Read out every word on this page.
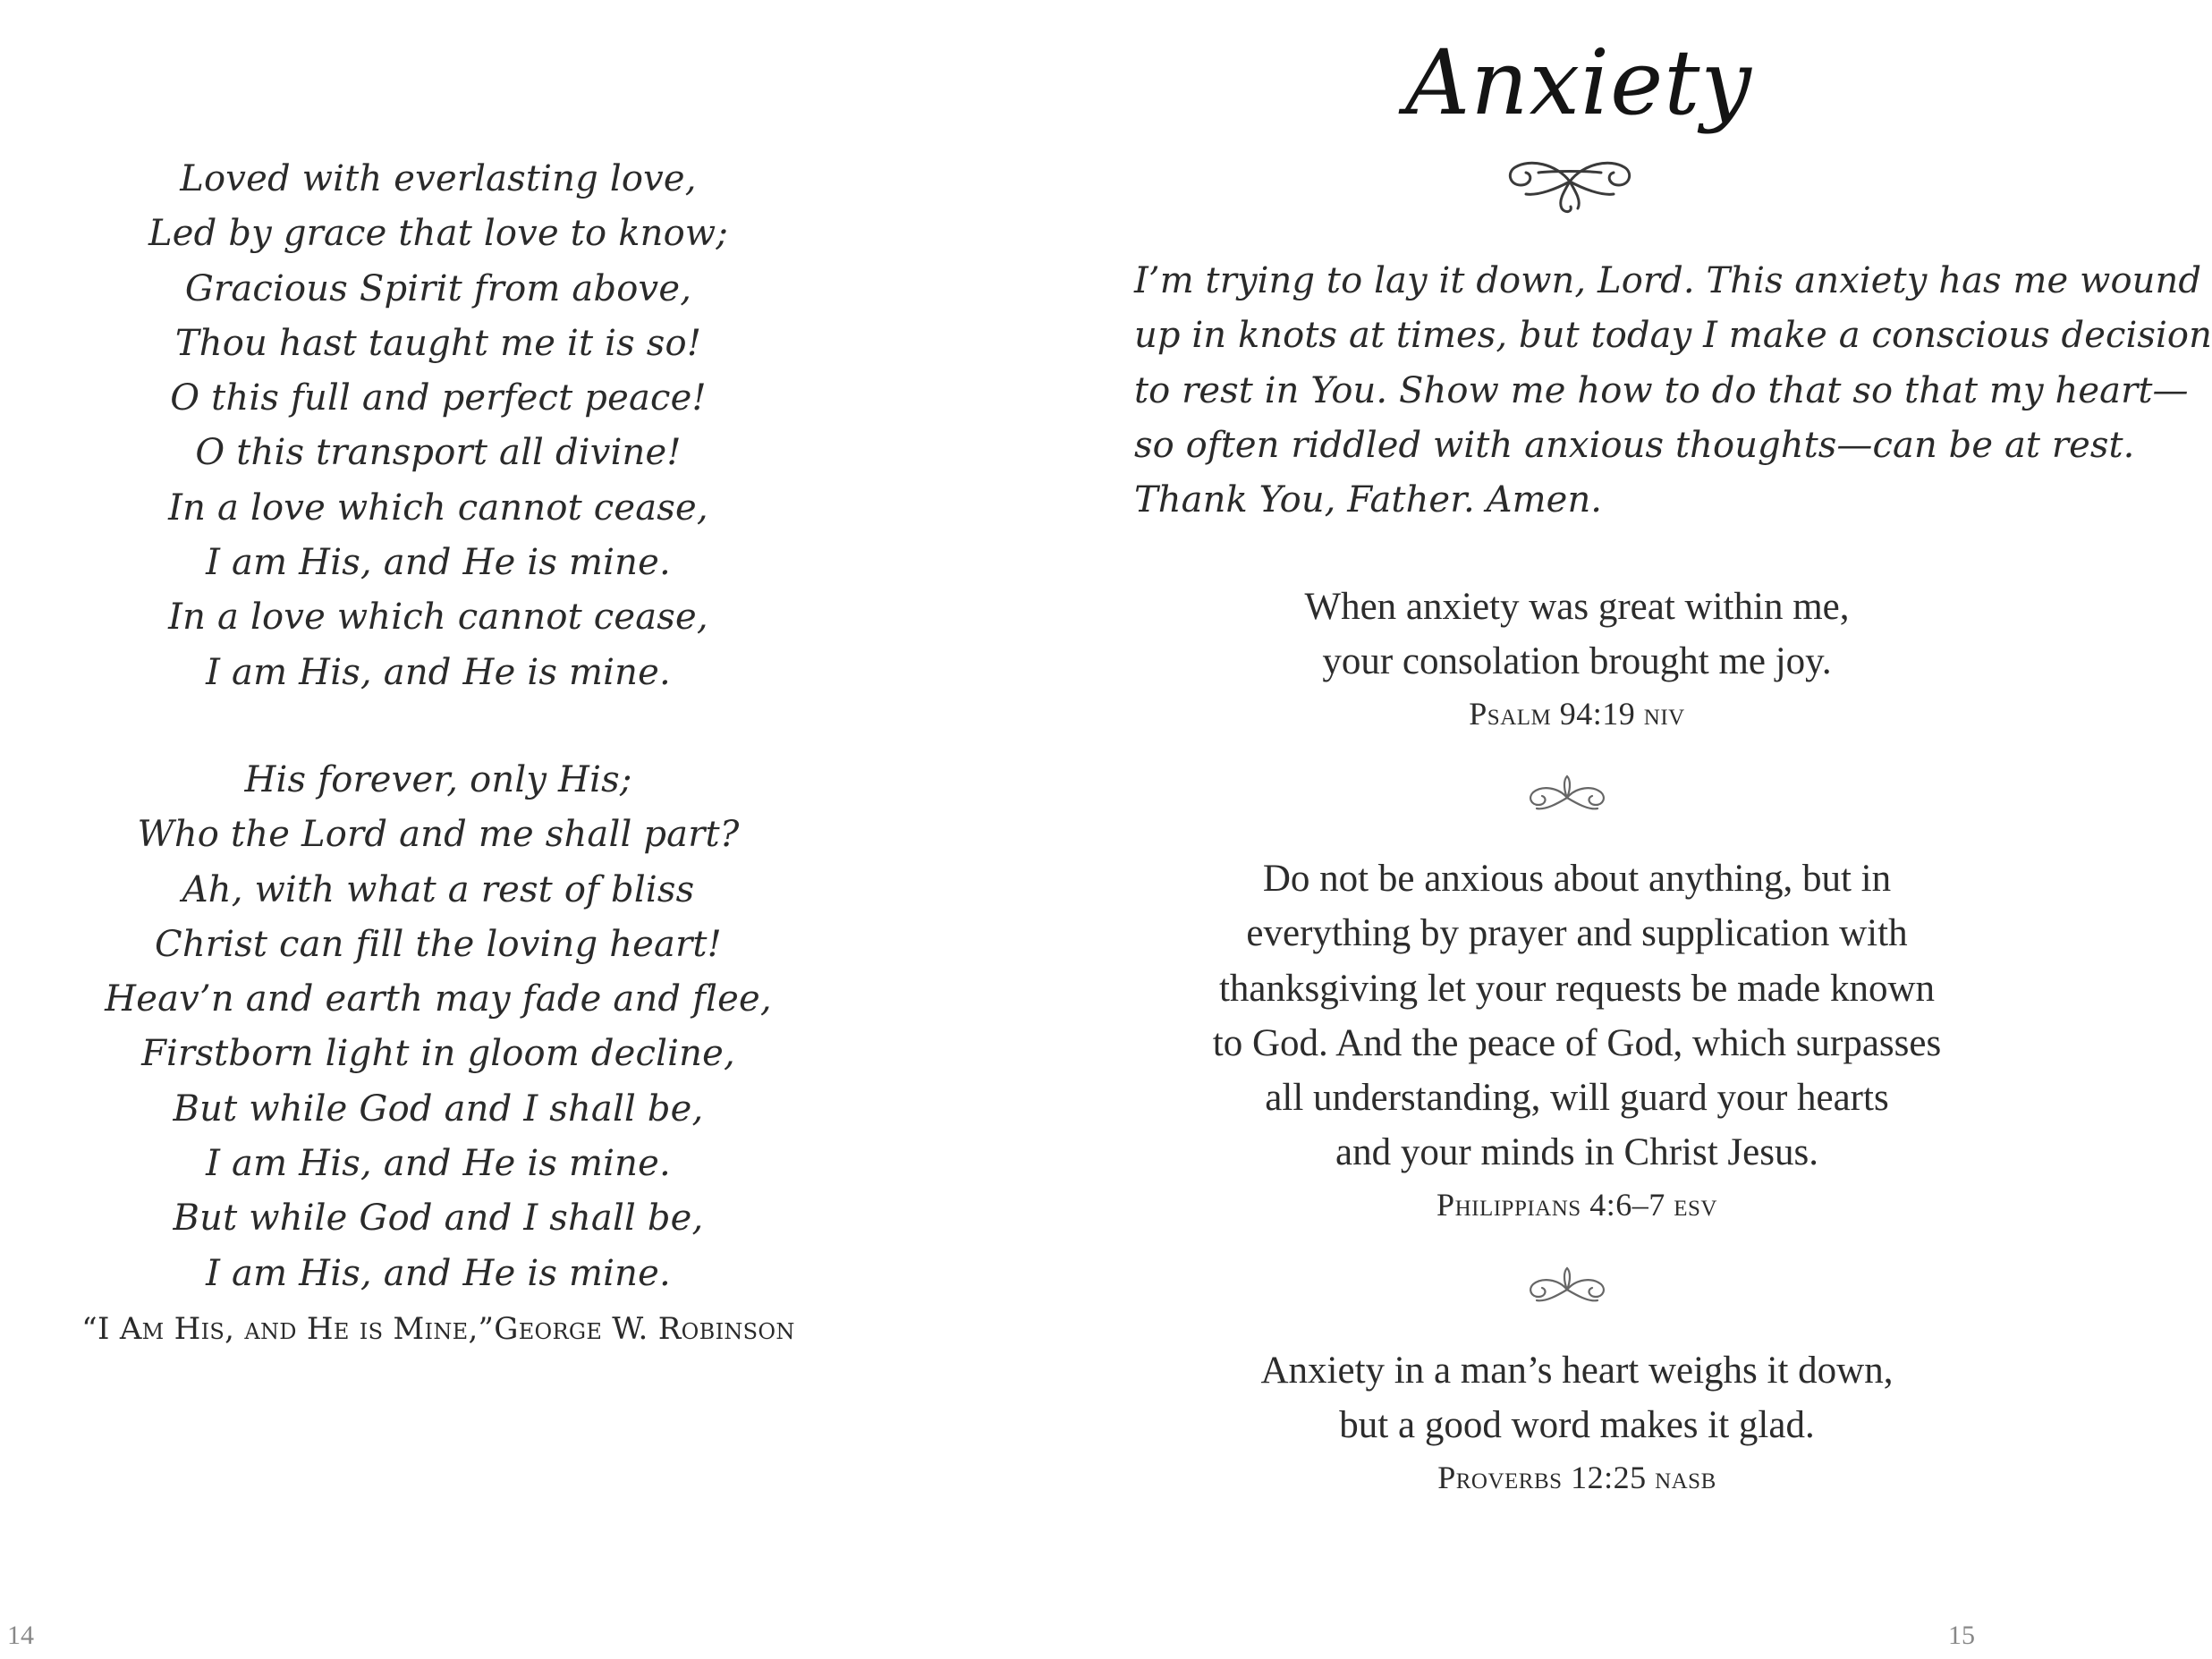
Loved with everlasting love,
Led by grace that love to know;
Gracious Spirit from above,
Thou hast taught me it is so!
O this full and perfect peace!
O this transport all divine!
In a love which cannot cease,
I am His, and He is mine.
In a love which cannot cease,
I am His, and He is mine.
His forever, only His;
Who the Lord and me shall part?
Ah, with what a rest of bliss
Christ can fill the loving heart!
Heav’n and earth may fade and flee,
Firstborn light in gloom decline,
But while God and I shall be,
I am His, and He is mine.
But while God and I shall be,
I am His, and He is mine.
“I Am His, and He is Mine,”George W. Robinson
14
Anxiety
I’m trying to lay it down, Lord. This anxiety has me wound
up in knots at times, but today I make a conscious decision
to rest in You. Show me how to do that so that my heart—
so often riddled with anxious thoughts—can be at rest.
Thank You, Father. Amen.
When anxiety was great within me,
your consolation brought me joy.
Psalm 94:19 niv
Do not be anxious about anything, but in
everything by prayer and supplication with
thanksgiving let your requests be made known
to God. And the peace of God, which surpasses
all understanding, will guard your hearts
and your minds in Christ Jesus.
Philippians 4:6–7 esv
Anxiety in a man’s heart weighs it down,
but a good word makes it glad.
Proverbs 12:25 nasb
15
